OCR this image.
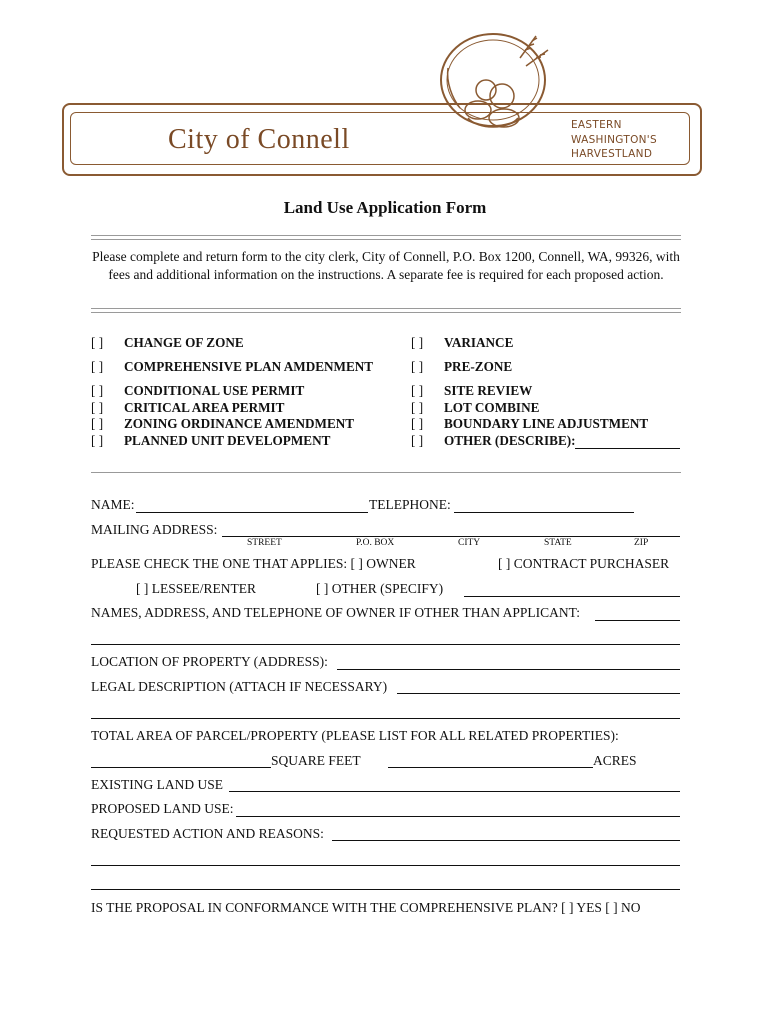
City of Connell	EASTERN
WASHINGTON'S
HARVESTLAND
Land Use Application Form
Please complete and return form to the city clerk, City of Connell, P.O. Box 1200, Connell, WA, 99326, with fees and additional information on the instructions. A separate fee is required for each proposed action.
[ ] CHANGE OF ZONE
[ ] COMPREHENSIVE PLAN AMDENMENT
[ ] CONDITIONAL USE PERMIT
[ ] CRITICAL AREA PERMIT
[ ] ZONING ORDINANCE AMENDMENT
[ ] PLANNED UNIT DEVELOPMENT
[ ] VARIANCE
[ ] PRE-ZONE
[ ] SITE REVIEW
[ ] LOT COMBINE
[ ] BOUNDARY LINE ADJUSTMENT
[ ] OTHER (DESCRIBE):
NAME:	TELEPHONE:
MAILING ADDRESS:
STREET	P.O. BOX	CITY	STATE	ZIP
PLEASE CHECK THE ONE THAT APPLIES: [ ] OWNER	[ ] CONTRACT PURCHASER
[ ] LESSEE/RENTER	[ ] OTHER (SPECIFY)
NAMES, ADDRESS, AND TELEPHONE OF OWNER IF OTHER THAN APPLICANT:
LOCATION OF PROPERTY (ADDRESS):
LEGAL DESCRIPTION (ATTACH IF NECESSARY)
TOTAL AREA OF PARCEL/PROPERTY (PLEASE LIST FOR ALL RELATED PROPERTIES):
SQUARE FEET	ACRES
EXISTING LAND USE
PROPOSED LAND USE:
REQUESTED ACTION AND REASONS:
IS THE PROPOSAL IN CONFORMANCE WITH THE COMPREHENSIVE PLAN? [ ] YES [ ] NO
